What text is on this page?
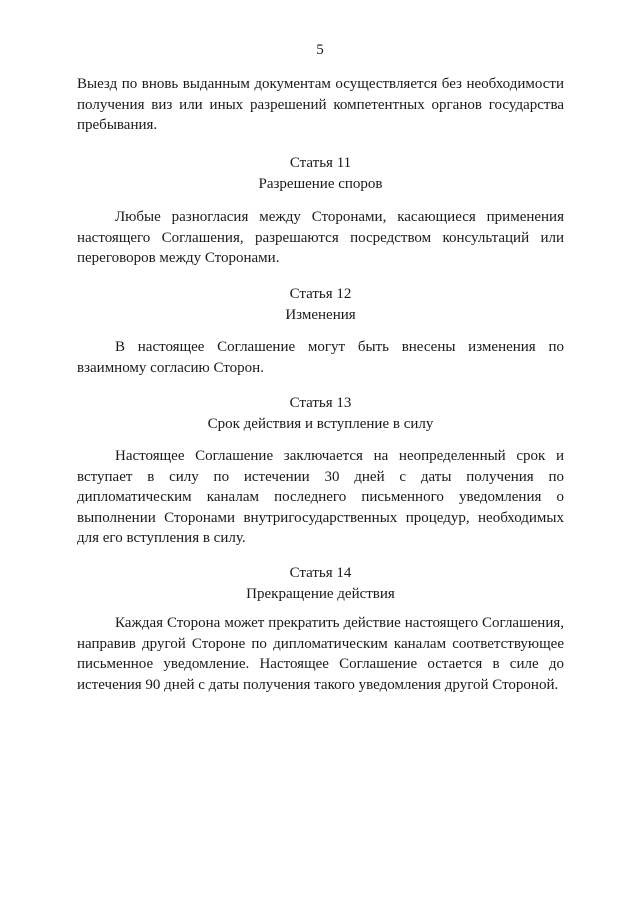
5

Выезд по вновь выданным документам осуществляется без необходимости получения виз или иных разрешений компетентных органов государства пребывания.

Статья 11
Разрешение споров

Любые разногласия между Сторонами, касающиеся применения настоящего Соглашения, разрешаются посредством консультаций или переговоров между Сторонами.

Статья 12
Изменения

В настоящее Соглашение могут быть внесены изменения по взаимному согласию Сторон.

Статья 13
Срок действия и вступление в силу

Настоящее Соглашение заключается на неопределенный срок и вступает в силу по истечении 30 дней с даты получения по дипломатическим каналам последнего письменного уведомления о выполнении Сторонами внутригосударственных процедур, необходимых для его вступления в силу.

Статья 14
Прекращение действия

Каждая Сторона может прекратить действие настоящего Соглашения, направив другой Стороне по дипломатическим каналам соответствующее письменное уведомление. Настоящее Соглашение остается в силе до истечения 90 дней с даты получения такого уведомления другой Стороной.
